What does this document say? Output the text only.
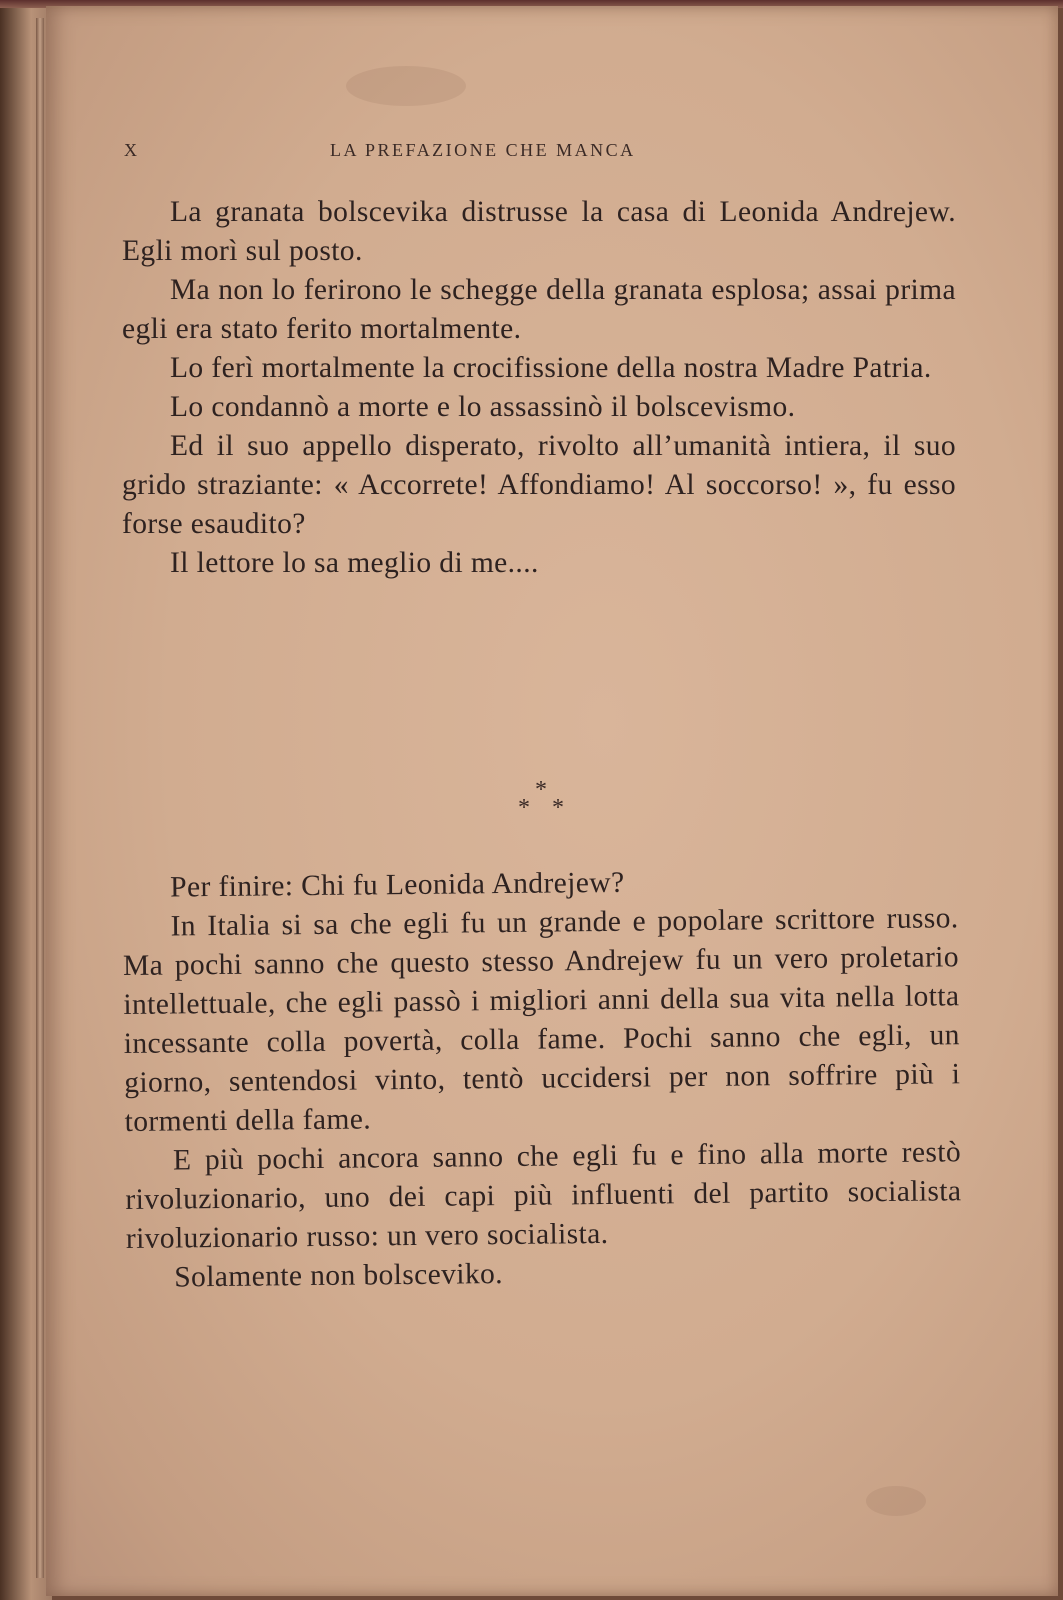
X	LA PREFAZIONE CHE MANCA

La granata bolscevika distrusse la casa di Leonida Andrejew. Egli morì sul posto.

Ma non lo ferirono le schegge della granata esplosa; assai prima egli era stato ferito mortalmente.

Lo ferì mortalmente la crocifissione della nostra Madre Patria.

Lo condannò a morte e lo assassinò il bolscevismo.

Ed il suo appello disperato, rivolto all’umanità intiera, il suo grido straziante: « Accorrete! Affondiamo! Al soccorso! », fu esso forse esaudito?

Il lettore lo sa meglio di me....

*
* *

Per finire: Chi fu Leonida Andrejew?

In Italia si sa che egli fu un grande e popolare scrittore russo. Ma pochi sanno che questo stesso Andrejew fu un vero proletario intellettuale, che egli passò i migliori anni della sua vita nella lotta incessante colla povertà, colla fame. Pochi sanno che egli, un giorno, sentendosi vinto, tentò uccidersi per non soffrire più i tormenti della fame.

E più pochi ancora sanno che egli fu e fino alla morte restò rivoluzionario, uno dei capi più influenti del partito socialista rivoluzionario russo: un vero socialista.

Solamente non bolsceviko.
